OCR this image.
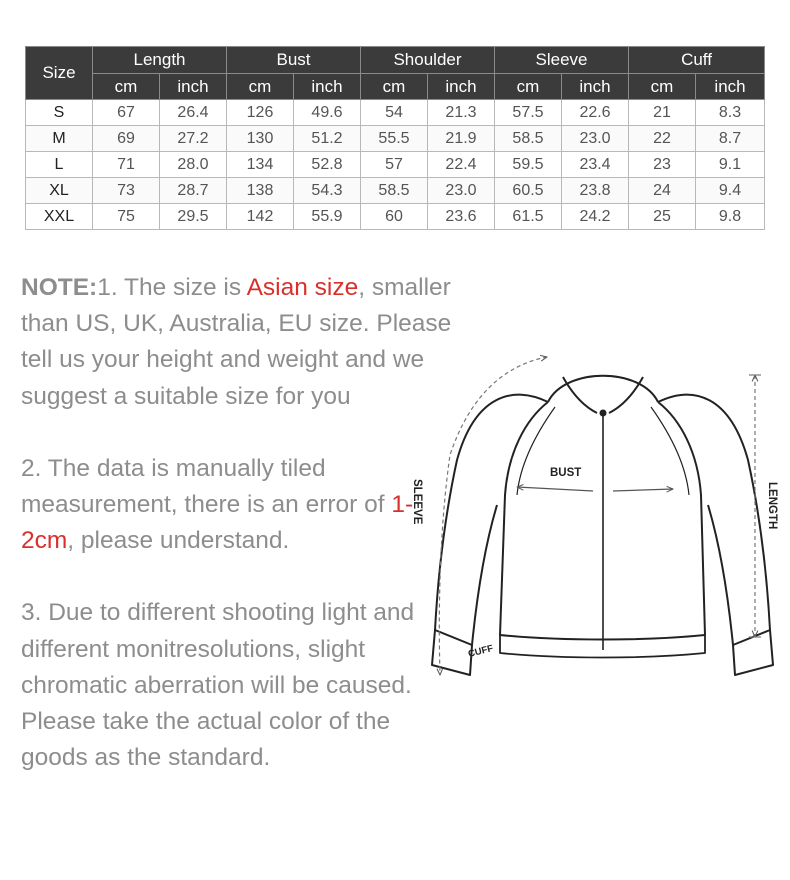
Size	Length		Bust		Shoulder		Sleeve		Cuff	
	cm	inch	cm	inch	cm	inch	cm	inch	cm	inch
S	67	26.4	126	49.6	54	21.3	57.5	22.6	21	8.3
M	69	27.2	130	51.2	55.5	21.9	58.5	23.0	22	8.7
L	71	28.0	134	52.8	57	22.4	59.5	23.4	23	9.1
XL	73	28.7	138	54.3	58.5	23.0	60.5	23.8	24	9.4
XXL	75	29.5	142	55.9	60	23.6	61.5	24.2	25	9.8

NOTE:1. The size is Asian size, smaller than US, UK, Australia, EU size. Please tell us your height and weight and we suggest a suitable size for you

2. The data is manually tiled measurement, there is an error of 1-2cm, please understand.

3. Due to different shooting light and different monitresolutions, slight chromatic aberration will be caused. Please take the actual color of the goods as the standard.

BUST
SLEEVE	LENGTH
CUFF
